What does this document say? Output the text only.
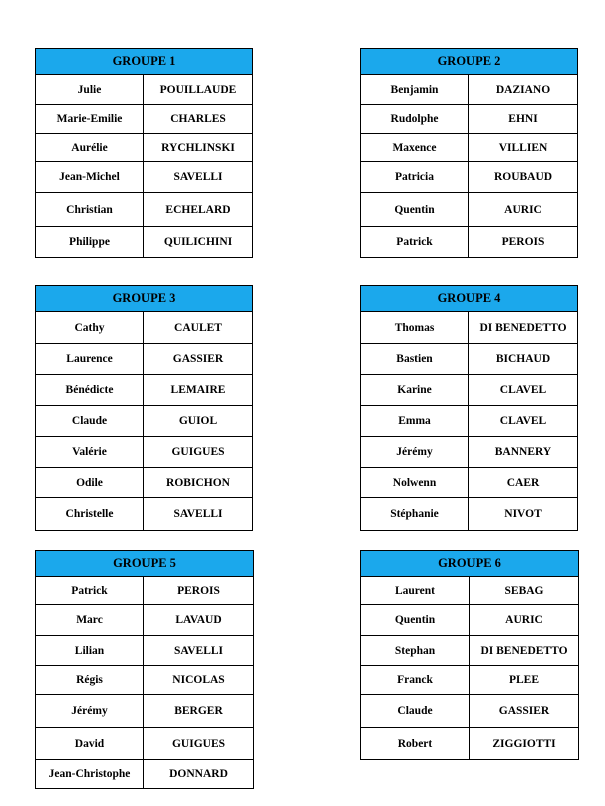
GROUPE 1	
Julie	POUILLAUDE
Marie-Emilie	CHARLES
Aurélie	RYCHLINSKI
Jean-Michel	SAVELLI
Christian	ECHELARD
Philippe	QUILICHINI
GROUPE 2	
Benjamin	DAZIANO
Rudolphe	EHNI
Maxence	VILLIEN
Patricia	ROUBAUD
Quentin	AURIC
Patrick	PEROIS
GROUPE 3	
Cathy	CAULET
Laurence	GASSIER
Bénédicte	LEMAIRE
Claude	GUIOL
Valérie	GUIGUES
Odile	ROBICHON
Christelle	SAVELLI
GROUPE 4	
Thomas	DI BENEDETTO
Bastien	BICHAUD
Karine	CLAVEL
Emma	CLAVEL
Jérémy	BANNERY
Nolwenn	CAER
Stéphanie	NIVOT
GROUPE 5	
Patrick	PEROIS
Marc	LAVAUD
Lilian	SAVELLI
Régis	NICOLAS
Jérémy	BERGER
David	GUIGUES
Jean-Christophe	DONNARD
GROUPE 6	
Laurent	SEBAG
Quentin	AURIC
Stephan	DI BENEDETTO
Franck	PLEE
Claude	GASSIER
Robert	ZIGGIOTTI
